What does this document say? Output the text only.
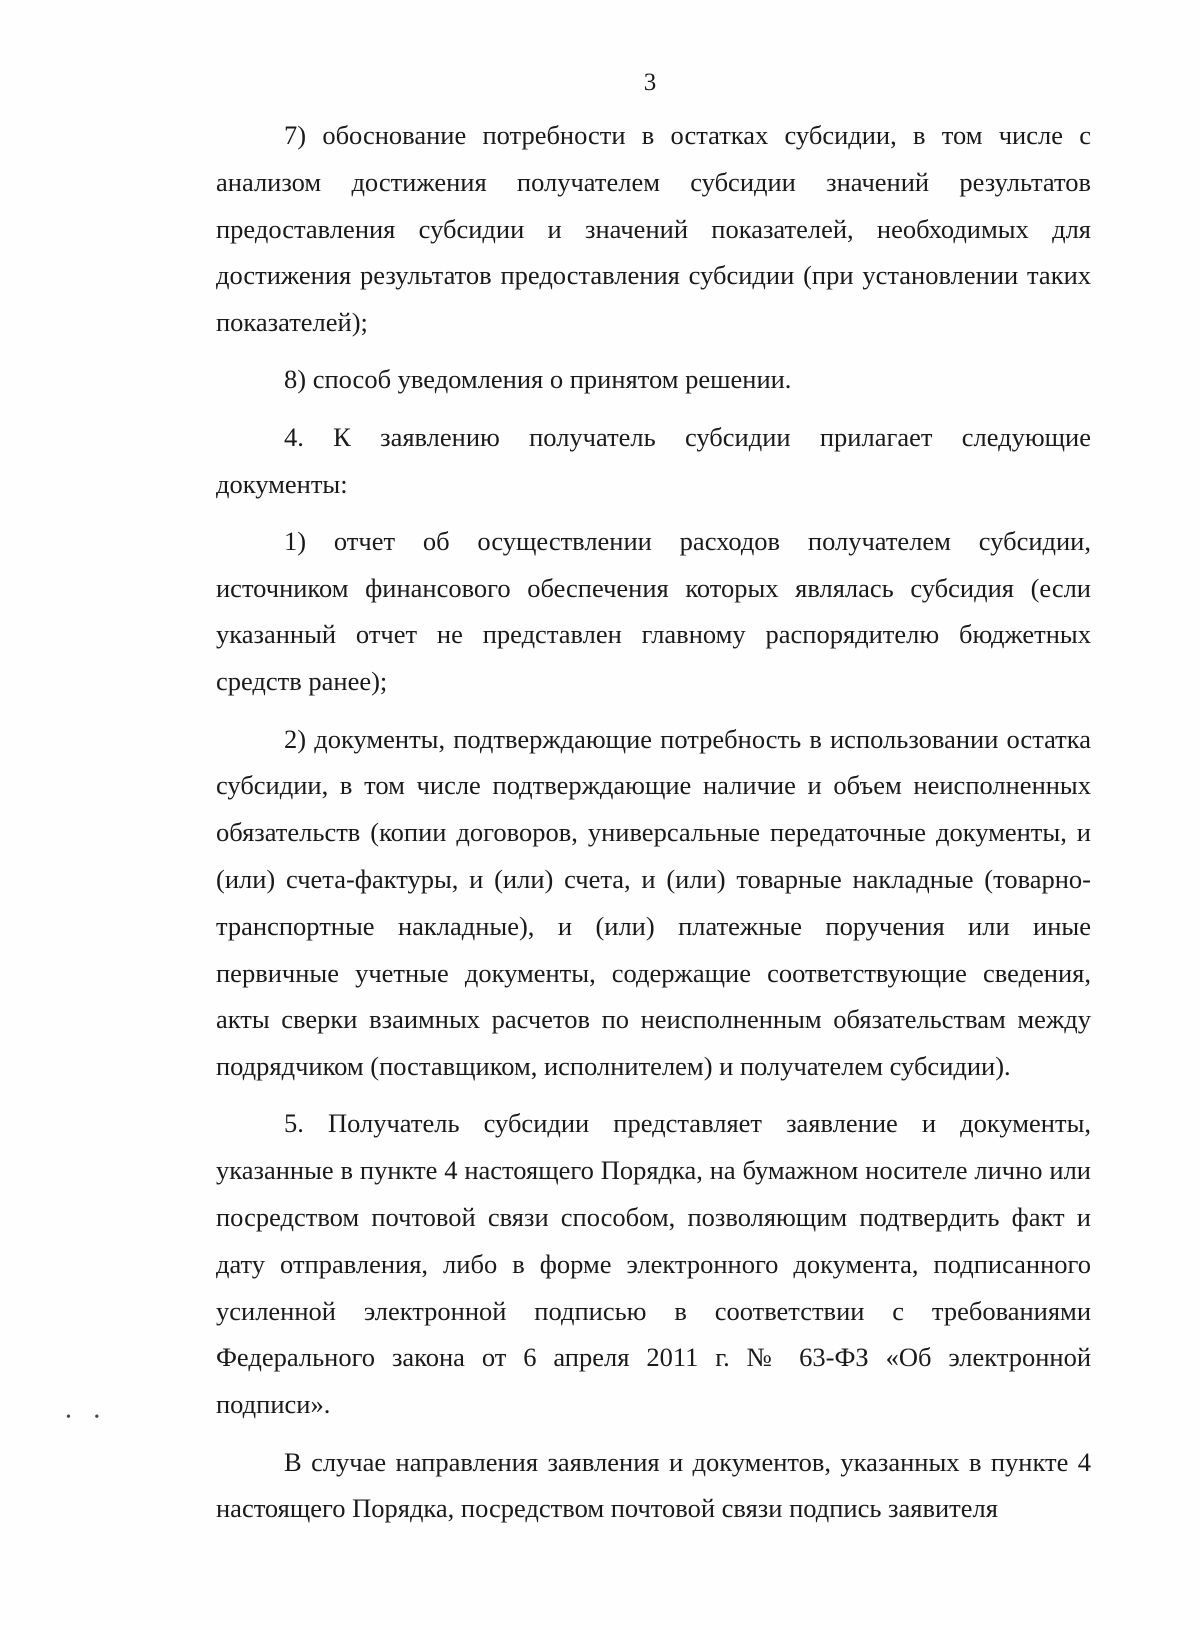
3

7) обоснование потребности в остатках субсидии, в том числе с анализом достижения получателем субсидии значений результатов предоставления субсидии и значений показателей, необходимых для достижения результатов предоставления субсидии (при установлении таких показателей);

8) способ уведомления о принятом решении.

4. К заявлению получатель субсидии прилагает следующие документы:

1) отчет об осуществлении расходов получателем субсидии, источником финансового обеспечения которых являлась субсидия (если указанный отчет не представлен главному распорядителю бюджетных средств ранее);

2) документы, подтверждающие потребность в использовании остатка субсидии, в том числе подтверждающие наличие и объем неисполненных обязательств (копии договоров, универсальные передаточные документы, и (или) счета-фактуры, и (или) счета, и (или) товарные накладные (товарно-транспортные накладные), и (или) платежные поручения или иные первичные учетные документы, содержащие соответствующие сведения, акты сверки взаимных расчетов по неисполненным обязательствам между подрядчиком (поставщиком, исполнителем) и получателем субсидии).

5. Получатель субсидии представляет заявление и документы, указанные в пункте 4 настоящего Порядка, на бумажном носителе лично или посредством почтовой связи способом, позволяющим подтвердить факт и дату отправления, либо в форме электронного документа, подписанного усиленной электронной подписью в соответствии с требованиями Федерального закона от 6 апреля 2011 г. № 63-ФЗ «Об электронной подписи».

В случае направления заявления и документов, указанных в пункте 4 настоящего Порядка, посредством почтовой связи подпись заявителя

• •
